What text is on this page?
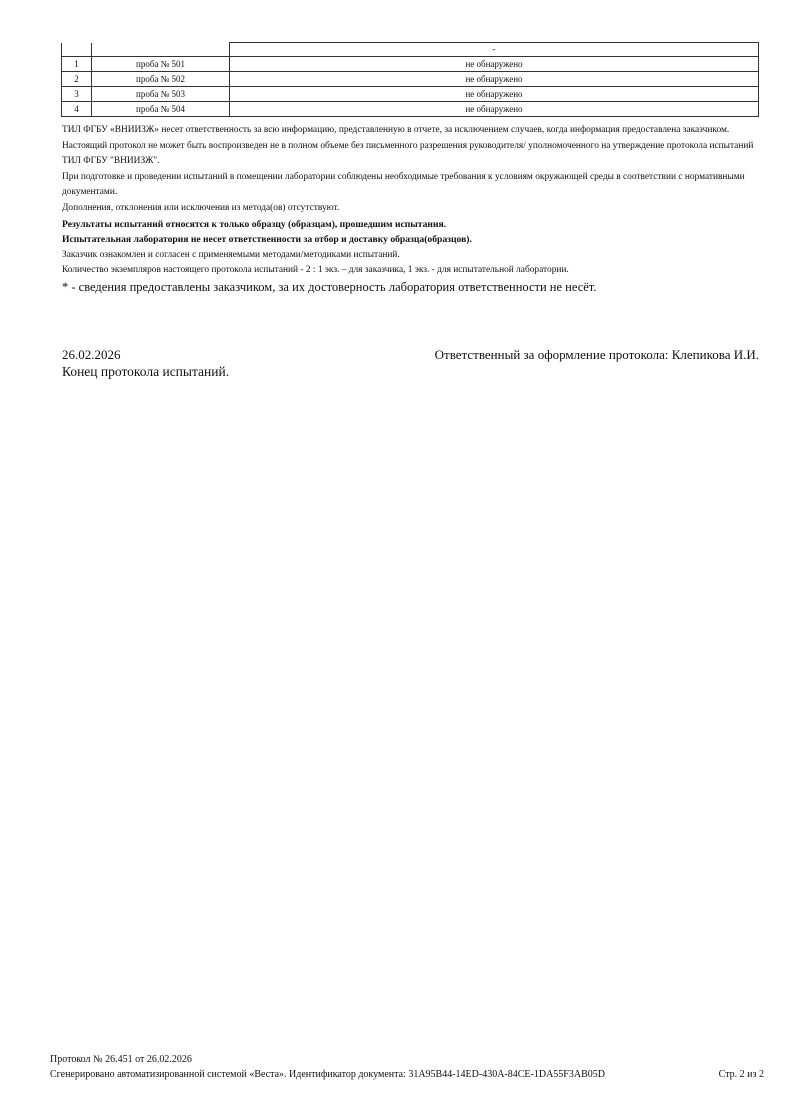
		-
1	проба № 501	не обнаружено
2	проба № 502	не обнаружено
3	проба № 503	не обнаружено
4	проба № 504	не обнаружено

ТИЛ ФГБУ «ВНИИЗЖ» несет ответственность за всю информацию, представленную в отчете, за исключением случаев, когда информация предоставлена заказчиком.

Настоящий протокол не может быть воспроизведен не в полном объеме без письменного разрешения руководителя/ уполномоченного на утверждение протокола испытаний ТИЛ ФГБУ "ВНИИЗЖ".

При подготовке и проведении испытаний в помещении лаборатории соблюдены необходимые требования к условиям окружающей среды в соответствии с нормативными документами.

Дополнения, отклонения или исключения из метода(ов) отсутствуют.

Результаты испытаний относятся к только образцу (образцам), прошедшим испытания.

Испытательная лаборатория не несет ответственности за отбор и доставку образца(образцов).

Заказчик ознакомлен и согласен с применяемыми методами/методиками испытаний.

Количество экземпляров настоящего протокола испытаний - 2 : 1 экз. – для заказчика, 1 экз. - для испытательной лаборатории.

* - сведения предоставлены заказчиком, за их достоверность лаборатория ответственности не несёт.

26.02.2026	Ответственный за оформление протокола: Клепикова И.И.
Конец протокола испытаний.
Протокол № 26.451 от 26.02.2026
Сгенерировано автоматизированной системой «Веста». Идентификатор документа: 31A95B44-14ED-430A-84CE-1DA55F3AB05D	Стр. 2 из 2
